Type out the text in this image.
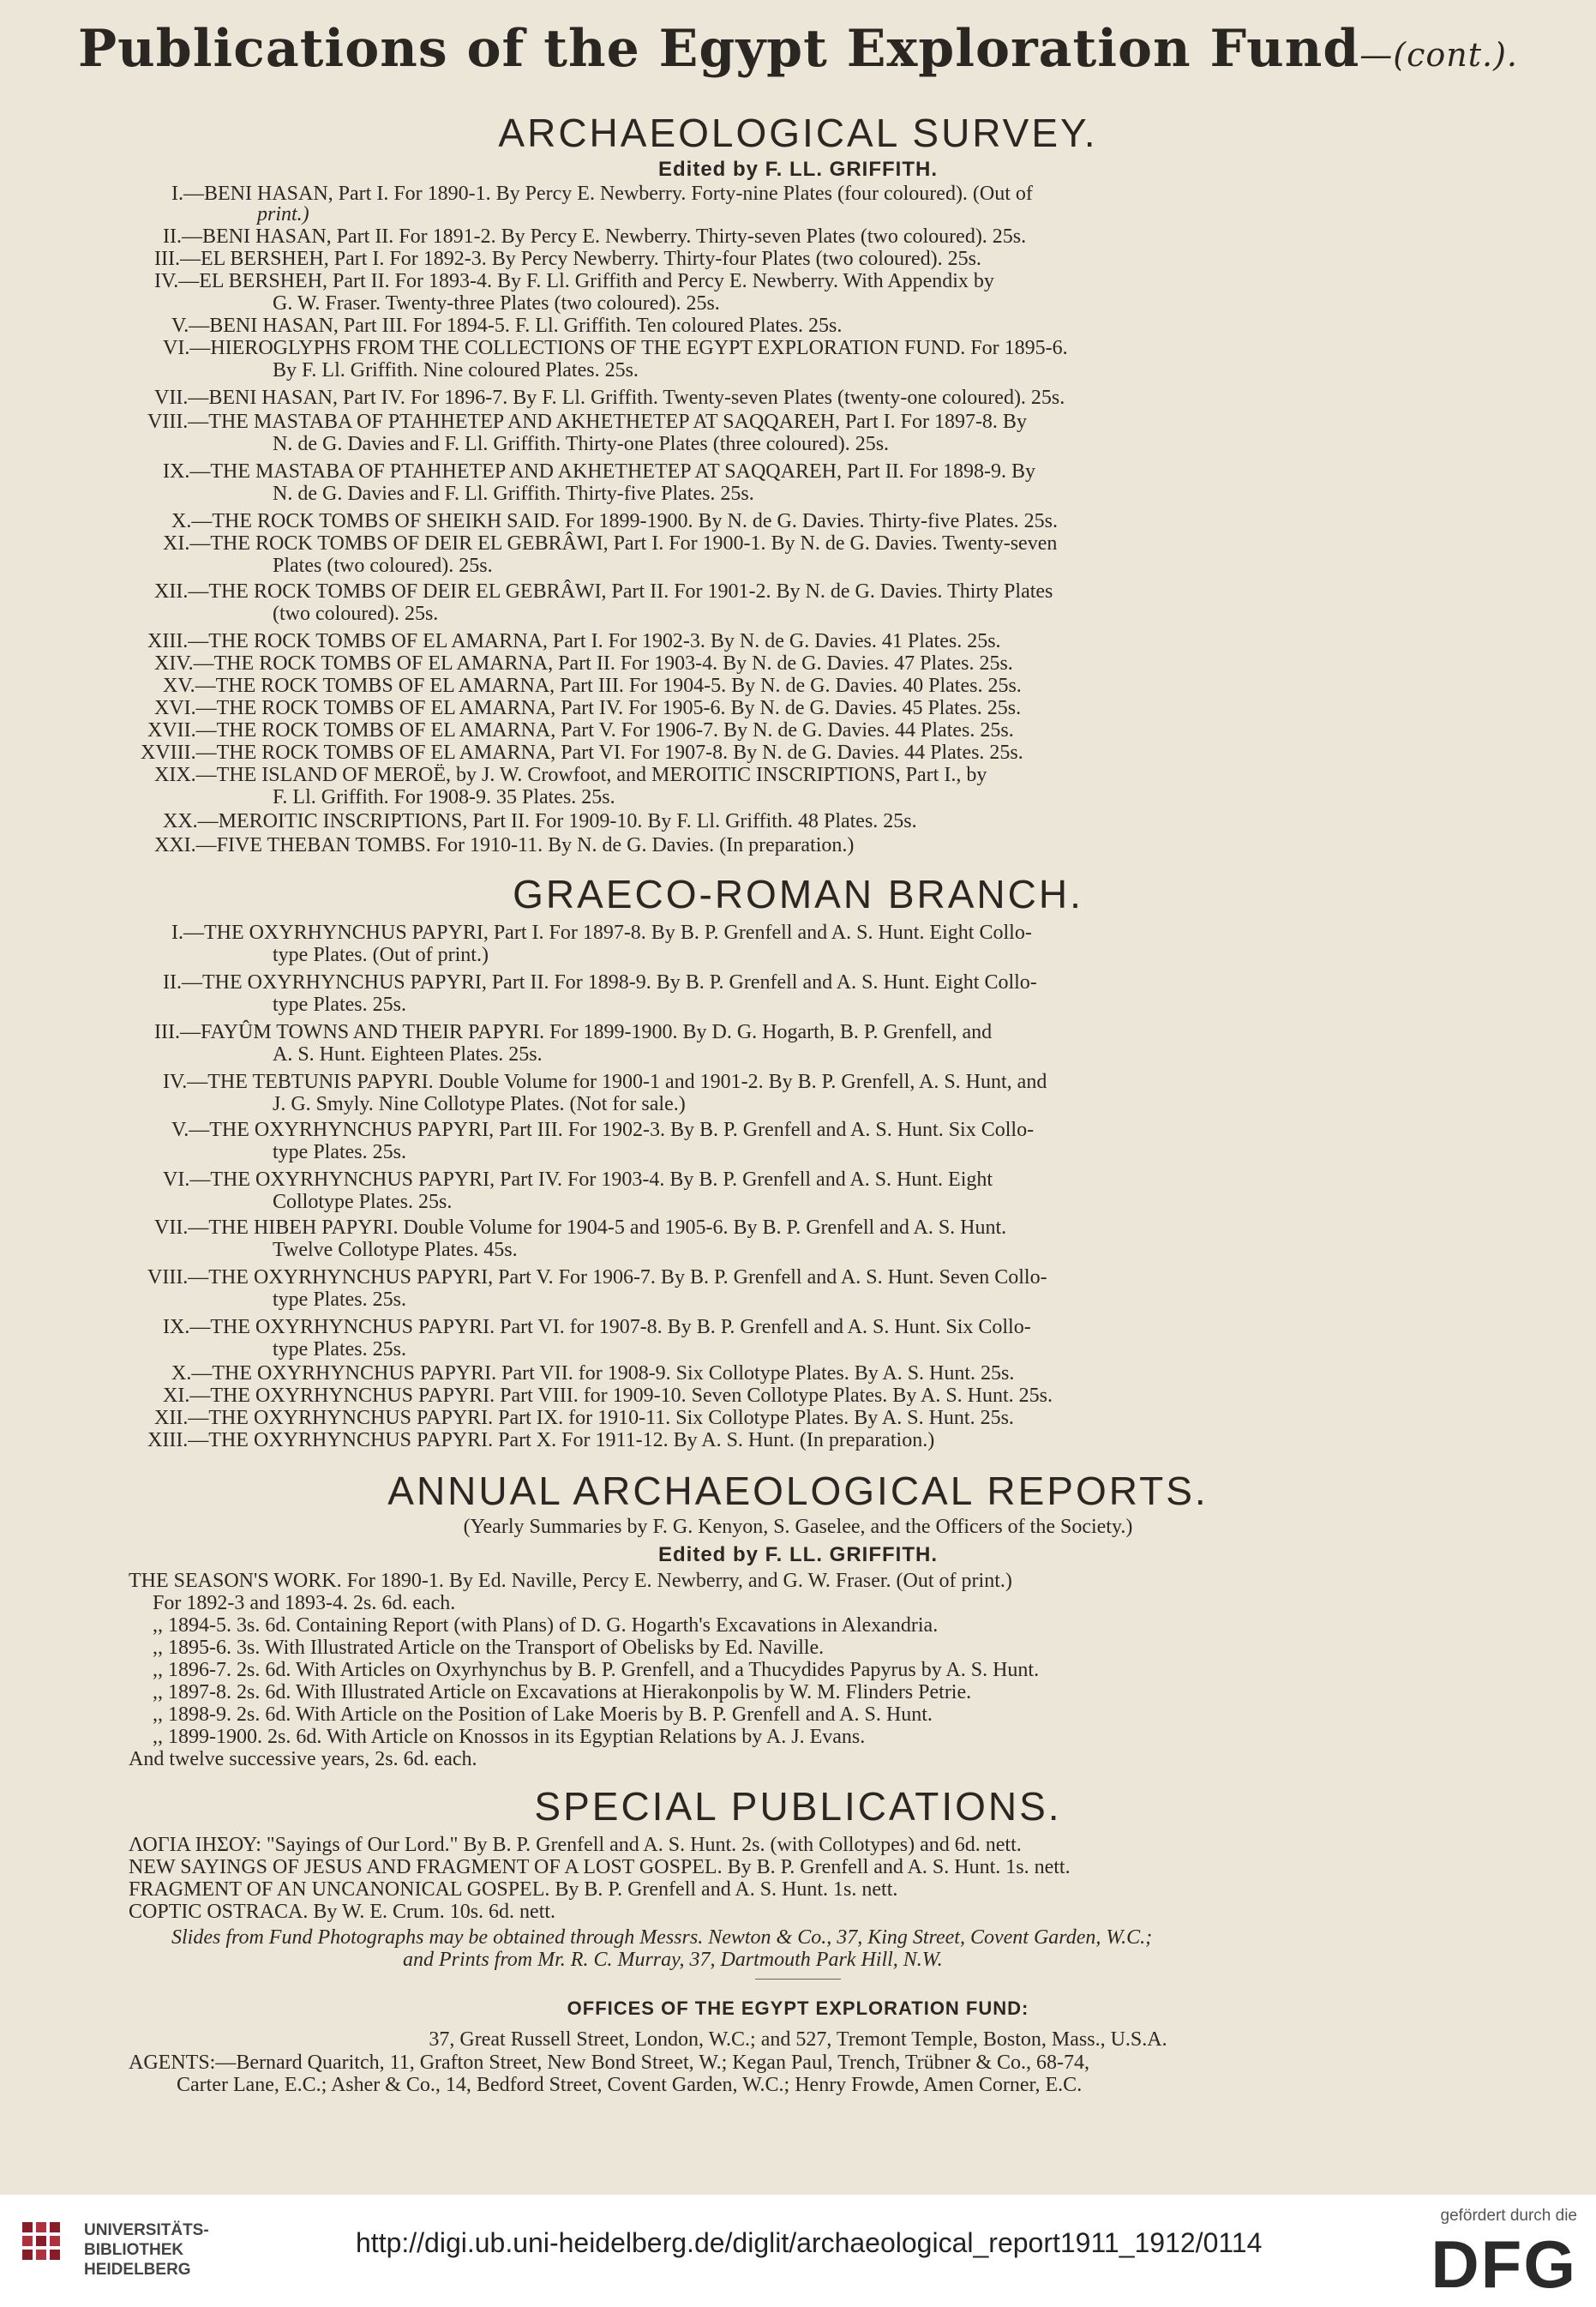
Publications of the Egypt Exploration Fund—(cont.).
ARCHAEOLOGICAL SURVEY.
Edited by F. LL. GRIFFITH.
I.—BENI HASAN, Part I. For 1890-1. By Percy E. Newberry. Forty-nine Plates (four coloured). (Out of
print.)
II.—BENI HASAN, Part II. For 1891-2. By Percy E. Newberry. Thirty-seven Plates (two coloured). 25s.
III.—EL BERSHEH, Part I. For 1892-3. By Percy Newberry. Thirty-four Plates (two coloured). 25s.
IV.—EL BERSHEH, Part II. For 1893-4. By F. Ll. Griffith and Percy E. Newberry. With Appendix by
G. W. Fraser. Twenty-three Plates (two coloured). 25s.
V.—BENI HASAN, Part III. For 1894-5. F. Ll. Griffith. Ten coloured Plates. 25s.
VI.—HIEROGLYPHS FROM THE COLLECTIONS OF THE EGYPT EXPLORATION FUND. For 1895-6.
By F. Ll. Griffith. Nine coloured Plates. 25s.
VII.—BENI HASAN, Part IV. For 1896-7. By F. Ll. Griffith. Twenty-seven Plates (twenty-one coloured). 25s.
VIII.—THE MASTABA OF PTAHHETEP AND AKHETHETEP AT SAQQAREH, Part I. For 1897-8. By
N. de G. Davies and F. Ll. Griffith. Thirty-one Plates (three coloured). 25s.
IX.—THE MASTABA OF PTAHHETEP AND AKHETHETEP AT SAQQAREH, Part II. For 1898-9. By
N. de G. Davies and F. Ll. Griffith. Thirty-five Plates. 25s.
X.—THE ROCK TOMBS OF SHEIKH SAID. For 1899-1900. By N. de G. Davies. Thirty-five Plates. 25s.
XI.—THE ROCK TOMBS OF DEIR EL GEBRÂWI, Part I. For 1900-1. By N. de G. Davies. Twenty-seven
Plates (two coloured). 25s.
XII.—THE ROCK TOMBS OF DEIR EL GEBRÂWI, Part II. For 1901-2. By N. de G. Davies. Thirty Plates
(two coloured). 25s.
XIII.—THE ROCK TOMBS OF EL AMARNA, Part I. For 1902-3. By N. de G. Davies. 41 Plates. 25s.
XIV.—THE ROCK TOMBS OF EL AMARNA, Part II. For 1903-4. By N. de G. Davies. 47 Plates. 25s.
XV.—THE ROCK TOMBS OF EL AMARNA, Part III. For 1904-5. By N. de G. Davies. 40 Plates. 25s.
XVI.—THE ROCK TOMBS OF EL AMARNA, Part IV. For 1905-6. By N. de G. Davies. 45 Plates. 25s.
XVII.—THE ROCK TOMBS OF EL AMARNA, Part V. For 1906-7. By N. de G. Davies. 44 Plates. 25s.
XVIII.—THE ROCK TOMBS OF EL AMARNA, Part VI. For 1907-8. By N. de G. Davies. 44 Plates. 25s.
XIX.—THE ISLAND OF MEROË, by J. W. Crowfoot, and MEROITIC INSCRIPTIONS, Part I., by
F. Ll. Griffith. For 1908-9. 35 Plates. 25s.
XX.—MEROITIC INSCRIPTIONS, Part II. For 1909-10. By F. Ll. Griffith. 48 Plates. 25s.
XXI.—FIVE THEBAN TOMBS. For 1910-11. By N. de G. Davies. (In preparation.)
GRAECO-ROMAN BRANCH.
I.—THE OXYRHYNCHUS PAPYRI, Part I. For 1897-8. By B. P. Grenfell and A. S. Hunt. Eight Collo-
type Plates. (Out of print.)
II.—THE OXYRHYNCHUS PAPYRI, Part II. For 1898-9. By B. P. Grenfell and A. S. Hunt. Eight Collo-
type Plates. 25s.
III.—FAYÛM TOWNS AND THEIR PAPYRI. For 1899-1900. By D. G. Hogarth, B. P. Grenfell, and
A. S. Hunt. Eighteen Plates. 25s.
IV.—THE TEBTUNIS PAPYRI. Double Volume for 1900-1 and 1901-2. By B. P. Grenfell, A. S. Hunt, and
J. G. Smyly. Nine Collotype Plates. (Not for sale.)
V.—THE OXYRHYNCHUS PAPYRI, Part III. For 1902-3. By B. P. Grenfell and A. S. Hunt. Six Collo-
type Plates. 25s.
VI.—THE OXYRHYNCHUS PAPYRI, Part IV. For 1903-4. By B. P. Grenfell and A. S. Hunt. Eight
Collotype Plates. 25s.
VII.—THE HIBEH PAPYRI. Double Volume for 1904-5 and 1905-6. By B. P. Grenfell and A. S. Hunt.
Twelve Collotype Plates. 45s.
VIII.—THE OXYRHYNCHUS PAPYRI, Part V. For 1906-7. By B. P. Grenfell and A. S. Hunt. Seven Collo-
type Plates. 25s.
IX.—THE OXYRHYNCHUS PAPYRI. Part VI. for 1907-8. By B. P. Grenfell and A. S. Hunt. Six Collo-
type Plates. 25s.
X.—THE OXYRHYNCHUS PAPYRI. Part VII. for 1908-9. Six Collotype Plates. By A. S. Hunt. 25s.
XI.—THE OXYRHYNCHUS PAPYRI. Part VIII. for 1909-10. Seven Collotype Plates. By A. S. Hunt. 25s.
XII.—THE OXYRHYNCHUS PAPYRI. Part IX. for 1910-11. Six Collotype Plates. By A. S. Hunt. 25s.
XIII.—THE OXYRHYNCHUS PAPYRI. Part X. For 1911-12. By A. S. Hunt. (In preparation.)
ANNUAL ARCHAEOLOGICAL REPORTS.
(Yearly Summaries by F. G. Kenyon, S. Gaselee, and the Officers of the Society.)
Edited by F. LL. GRIFFITH.
THE SEASON'S WORK. For 1890-1. By Ed. Naville, Percy E. Newberry, and G. W. Fraser. (Out of print.)
For 1892-3 and 1893-4. 2s. 6d. each.
,, 1894-5. 3s. 6d. Containing Report (with Plans) of D. G. Hogarth's Excavations in Alexandria.
,, 1895-6. 3s. With Illustrated Article on the Transport of Obelisks by Ed. Naville.
,, 1896-7. 2s. 6d. With Articles on Oxyrhynchus by B. P. Grenfell, and a Thucydides Papyrus by A. S. Hunt.
,, 1897-8. 2s. 6d. With Illustrated Article on Excavations at Hierakonpolis by W. M. Flinders Petrie.
,, 1898-9. 2s. 6d. With Article on the Position of Lake Moeris by B. P. Grenfell and A. S. Hunt.
,, 1899-1900. 2s. 6d. With Article on Knossos in its Egyptian Relations by A. J. Evans.
And twelve successive years, 2s. 6d. each.
SPECIAL PUBLICATIONS.
ΛΟΓΙΑ ΙΗΣΟΥ: "Sayings of Our Lord." By B. P. Grenfell and A. S. Hunt. 2s. (with Collotypes) and 6d. nett.
NEW SAYINGS OF JESUS AND FRAGMENT OF A LOST GOSPEL. By B. P. Grenfell and A. S. Hunt. 1s. nett.
FRAGMENT OF AN UNCANONICAL GOSPEL. By B. P. Grenfell and A. S. Hunt. 1s. nett.
COPTIC OSTRACA. By W. E. Crum. 10s. 6d. nett.
Slides from Fund Photographs may be obtained through Messrs. Newton & Co., 37, King Street, Covent Garden, W.C.;
and Prints from Mr. R. C. Murray, 37, Dartmouth Park Hill, N.W.
OFFICES OF THE EGYPT EXPLORATION FUND:
37, Great Russell Street, London, W.C.; and 527, Tremont Temple, Boston, Mass., U.S.A.
AGENTS:—Bernard Quaritch, 11, Grafton Street, New Bond Street, W.; Kegan Paul, Trench, Trübner & Co., 68-74,
Carter Lane, E.C.; Asher & Co., 14, Bedford Street, Covent Garden, W.C.; Henry Frowde, Amen Corner, E.C.
UNIVERSITÄTS-
BIBLIOTHEK
HEIDELBERG
http://digi.ub.uni-heidelberg.de/diglit/archaeological_report1911_1912/0114
gefördert durch die
DFG
